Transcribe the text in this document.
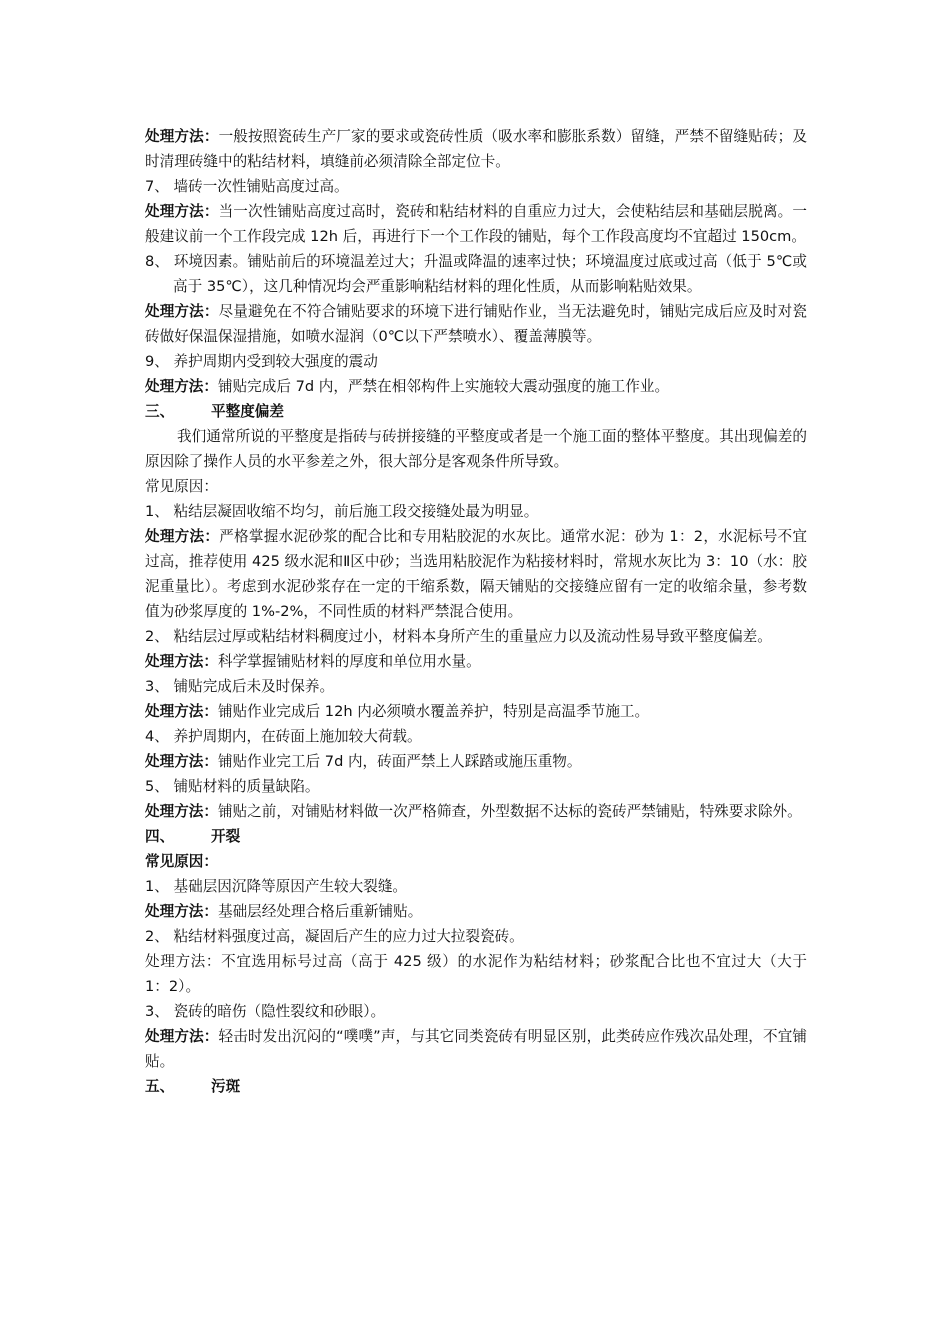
处理方法：一般按照瓷砖生产厂家的要求或瓷砖性质（吸水率和膨胀系数）留缝，严禁不留缝贴砖；及时清理砖缝中的粘结材料，填缝前必须清除全部定位卡。

7、 墙砖一次性铺贴高度过高。

处理方法：当一次性铺贴高度过高时，瓷砖和粘结材料的自重应力过大，会使粘结层和基础层脱离。一般建议前一个工作段完成 12h 后，再进行下一个工作段的铺贴，每个工作段高度均不宜超过 150cm。

8、 环境因素。铺贴前后的环境温差过大；升温或降温的速率过快；环境温度过底或过高（低于 5℃或高于 35℃），这几种情况均会严重影响粘结材料的理化性质，从而影响粘贴效果。

处理方法：尽量避免在不符合铺贴要求的环境下进行铺贴作业，当无法避免时，铺贴完成后应及时对瓷砖做好保温保湿措施，如喷水湿润（0℃以下严禁喷水）、覆盖薄膜等。

9、 养护周期内受到较大强度的震动

处理方法：铺贴完成后 7d 内，严禁在相邻构件上实施较大震动强度的施工作业。

三、	平整度偏差

我们通常所说的平整度是指砖与砖拼接缝的平整度或者是一个施工面的整体平整度。其出现偏差的原因除了操作人员的水平参差之外，很大部分是客观条件所导致。

常见原因：

1、 粘结层凝固收缩不均匀，前后施工段交接缝处最为明显。

处理方法：严格掌握水泥砂浆的配合比和专用粘胶泥的水灰比。通常水泥：砂为 1：2，水泥标号不宜过高，推荐使用 425 级水泥和Ⅱ区中砂；当选用粘胶泥作为粘接材料时，常规水灰比为 3：10（水：胶泥重量比）。考虑到水泥砂浆存在一定的干缩系数，隔天铺贴的交接缝应留有一定的收缩余量，参考数值为砂浆厚度的 1%-2%，不同性质的材料严禁混合使用。

2、 粘结层过厚或粘结材料稠度过小，材料本身所产生的重量应力以及流动性易导致平整度偏差。

处理方法：科学掌握铺贴材料的厚度和单位用水量。

3、 铺贴完成后未及时保养。

处理方法：铺贴作业完成后 12h 内必须喷水覆盖养护，特别是高温季节施工。

4、 养护周期内，在砖面上施加较大荷载。

处理方法：铺贴作业完工后 7d 内，砖面严禁上人踩踏或施压重物。

5、 铺贴材料的质量缺陷。

处理方法：铺贴之前，对铺贴材料做一次严格筛查，外型数据不达标的瓷砖严禁铺贴，特殊要求除外。

四、	开裂

常见原因：

1、 基础层因沉降等原因产生较大裂缝。

处理方法：基础层经处理合格后重新铺贴。

2、 粘结材料强度过高，凝固后产生的应力过大拉裂瓷砖。

处理方法：不宜选用标号过高（高于 425 级）的水泥作为粘结材料；砂浆配合比也不宜过大（大于 1：2）。

3、 瓷砖的暗伤（隐性裂纹和砂眼）。

处理方法：轻击时发出沉闷的“噗噗”声，与其它同类瓷砖有明显区别，此类砖应作残次品处理，不宜铺贴。

五、	污斑
